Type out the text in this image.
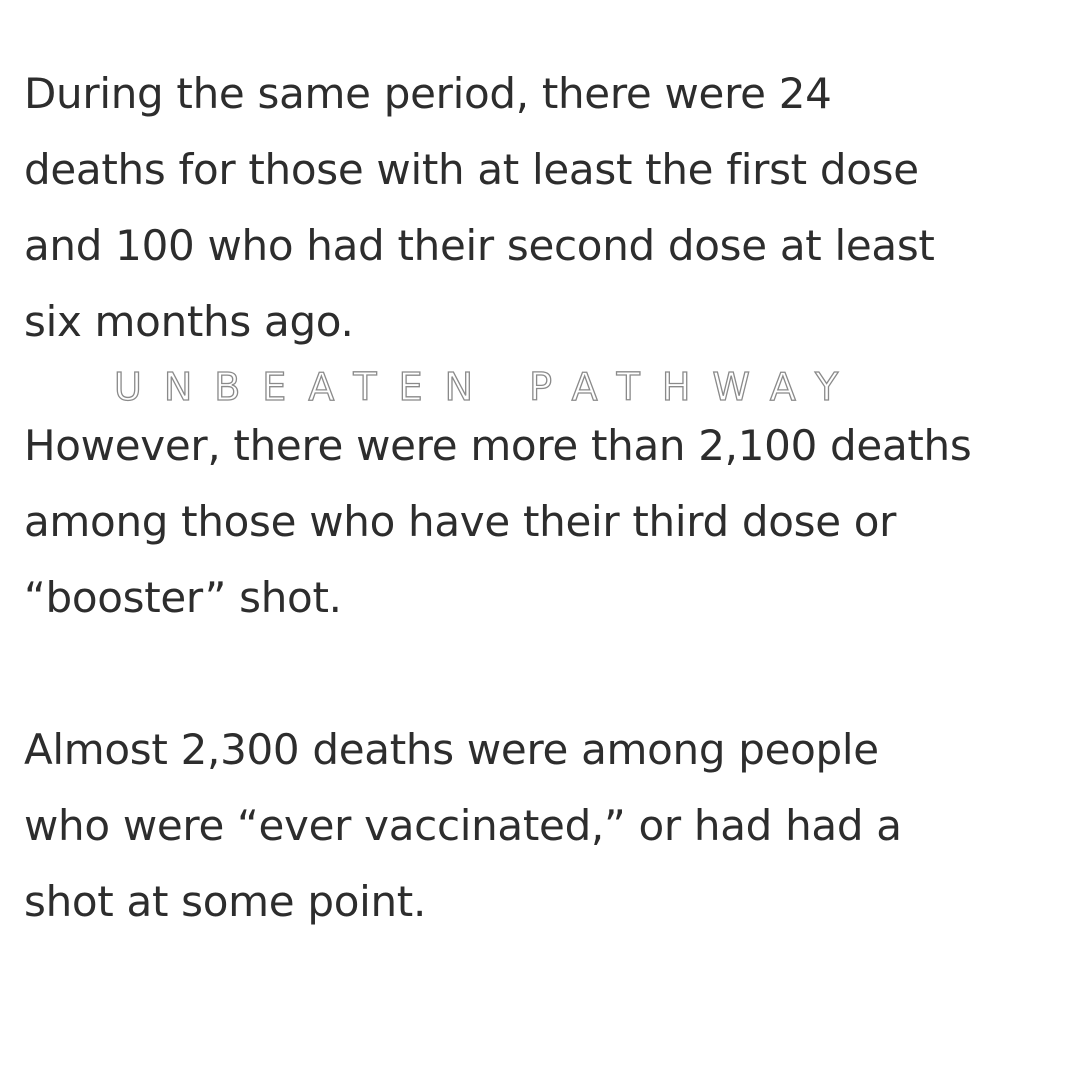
During the same period, there were 24
deaths for those with at least the first dose
and 100 who had their second dose at least
six months ago.

UNBEATEN PATHWAY

However, there were more than 2,100 deaths
among those who have their third dose or
“booster” shot.

Almost 2,300 deaths were among people
who were “ever vaccinated,” or had had a
shot at some point.
